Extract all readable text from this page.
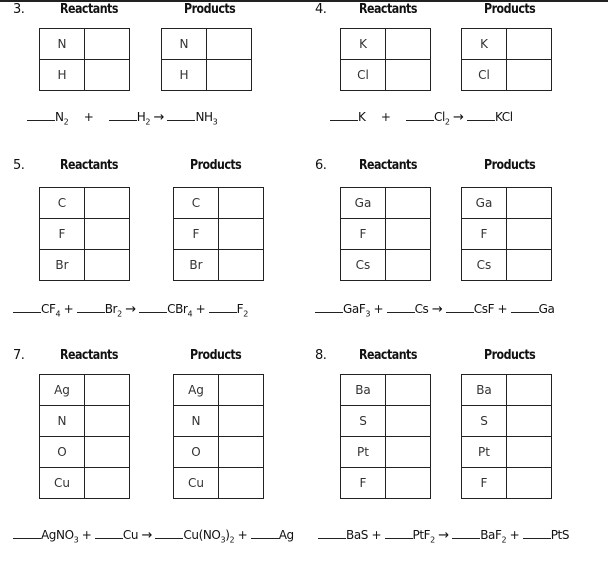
3.	Reactants	Products
N	
H	
N	
H	
$N_2$ +	$H_2$ →	$NH_3$
4.	Reactants	Products
K	
Cl	
K	
Cl	
K +	$Cl_2$ →	KCl
5.	Reactants	Products
C	
F	
Br	
C	
F	
Br	
$CF_4$ +	$Br_2$ →	CBr$_4$ +	$F_2$
6.	Reactants	Products
Ga	
F	
Cs	
Ga	
F	
Cs	
GaF$_3$ +	Cs →	CsF +	Ga
7.	Reactants	Products
Ag	
N	
O	
Cu	
Ag	
N	
O	
Cu	
AgNO$_3$ +	Cu →	$Cu(NO_3)_2$ +	Ag
8.	Reactants	Products
Ba	
S	
Pt	
F	
Ba	
S	
Pt	
F	
BaS +	PtF$_2$ →	BaF$_2$ +	PtS
